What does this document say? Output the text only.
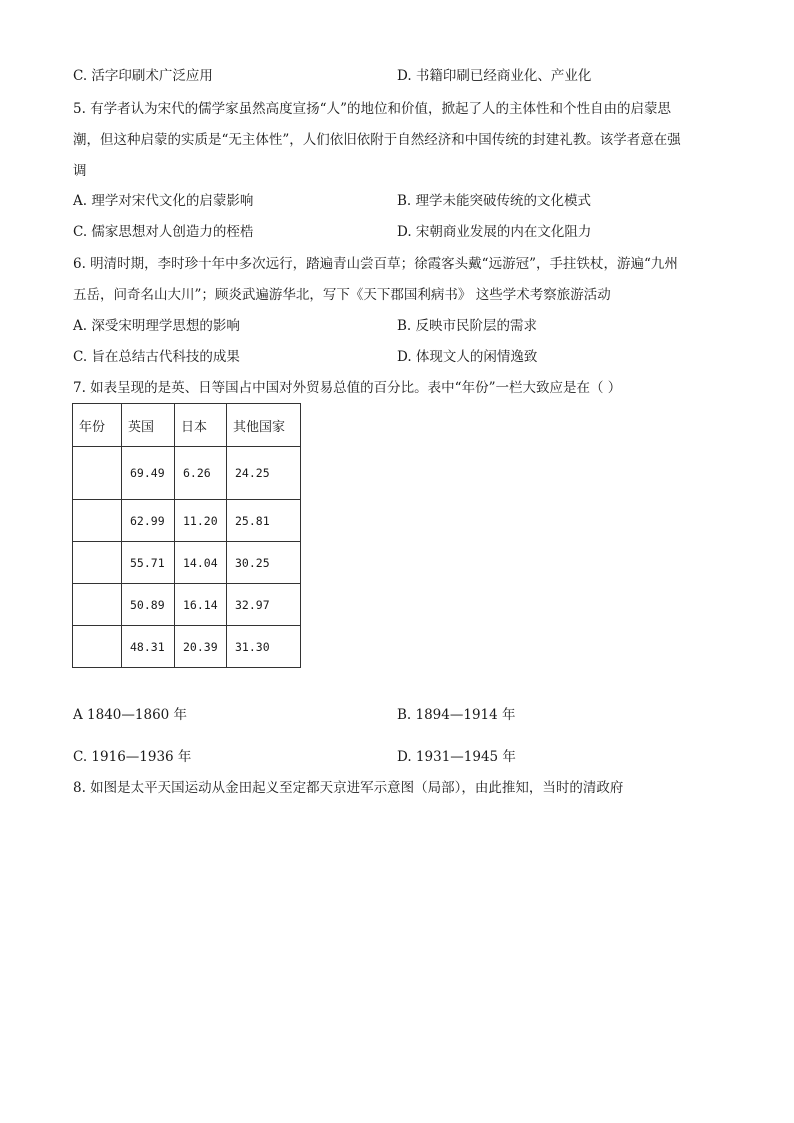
C. 活字印刷术广泛应用	D. 书籍印刷已经商业化、产业化
5. 有学者认为宋代的儒学家虽然高度宣扬“人”的地位和价值，掀起了人的主体性和个性自由的启蒙思
潮，但这种启蒙的实质是“无主体性”，人们依旧依附于自然经济和中国传统的封建礼教。该学者意在强
调
A. 理学对宋代文化的启蒙影响	B. 理学未能突破传统的文化模式
C. 儒家思想对人创造力的桎梏	D. 宋朝商业发展的内在文化阻力
6. 明清时期，李时珍十年中多次远行，踏遍青山尝百草；徐霞客头戴“远游冠”，手拄铁杖，游遍“九州
五岳，问奇名山大川”；顾炎武遍游华北，写下《天下郡国利病书》 这些学术考察旅游活动
A. 深受宋明理学思想的影响	B. 反映市民阶层的需求
C. 旨在总结古代科技的成果	D. 体现文人的闲情逸致
7. 如表呈现的是英、日等国占中国对外贸易总值的百分比。表中“年份”一栏大致应是在（ ）
年份	英国	日本	其他国家
	69.49	6.26	24.25
	62.99	11.20	25.81
	55.71	14.04	30.25
	50.89	16.14	32.97
	48.31	20.39	31.30
A 1840—1860 年	B. 1894—1914 年
C. 1916—1936 年	D. 1931—1945 年
8. 如图是太平天国运动从金田起义至定都天京进军示意图（局部），由此推知，当时的清政府
